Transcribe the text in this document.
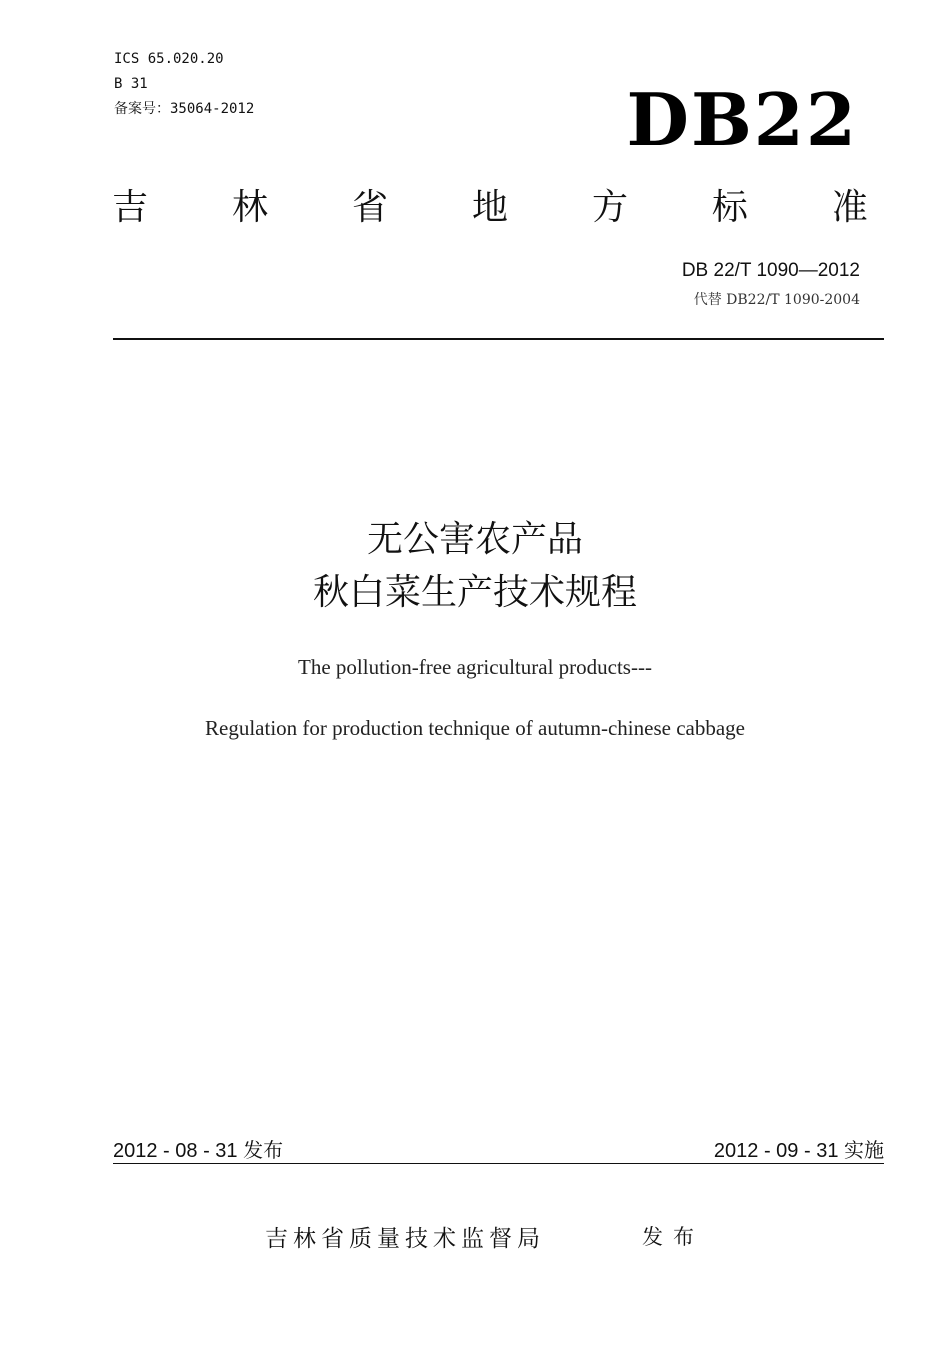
ICS 65.020.20
B 31
备案号：35064-2012	DB22
吉 林 省 地 方 标 准
DB 22/T 1090—2012
代替 DB22/T 1090-2004
无公害农产品
秋白菜生产技术规程
The pollution-free agricultural products---
Regulation for production technique of autumn-chinese cabbage
2012 - 08 - 31 发布	2012 - 09 - 31 实施
吉林省质量技术监督局	发布
